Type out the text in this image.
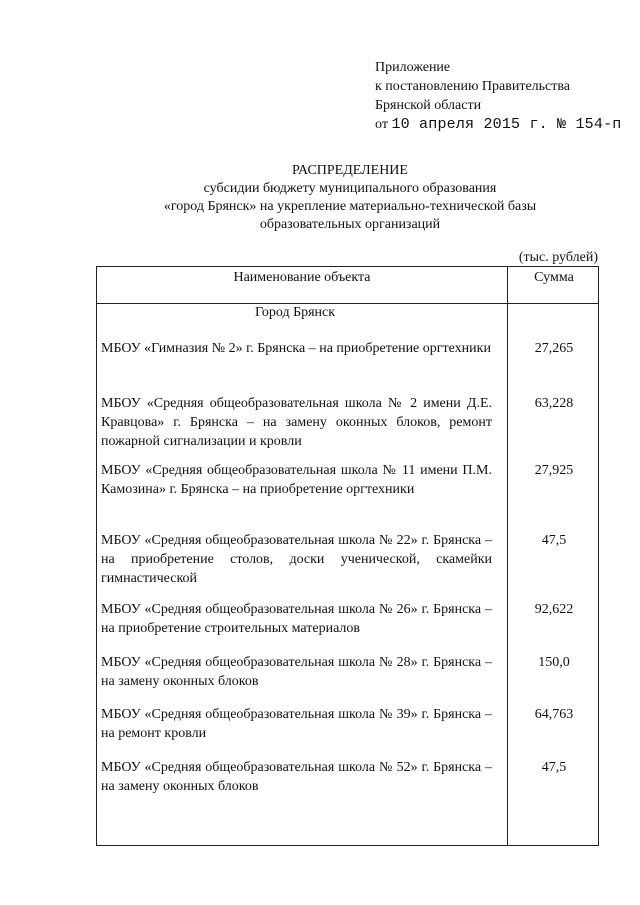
Приложение
к постановлению Правительства
Брянской области
от 10 апреля 2015 г. № 154-п
РАСПРЕДЕЛЕНИЕ
субсидии бюджету муниципального образования
«город Брянск» на укрепление материально-технической базы
образовательных организаций
(тыс. рублей)
Наименование объекта	Сумма
Город Брянск
МБОУ «Гимназия № 2» г. Брянска – на приобретение оргтехники	27,265
МБОУ «Средняя общеобразовательная школа № 2 имени Д.Е. Кравцова» г. Брянска – на замену оконных блоков, ремонт пожарной сигнализации и кровли
63,228
МБОУ «Средняя общеобразовательная школа № 11 имени П.М. Камозина» г. Брянска – на приобретение оргтехники
27,925
МБОУ «Средняя общеобразовательная школа № 22» г. Брянска – на приобретение столов, доски ученической, скамейки гимнастической
47,5
МБОУ «Средняя общеобразовательная школа № 26» г. Брянска – на приобретение строительных материалов
92,622
МБОУ «Средняя общеобразовательная школа № 28» г. Брянска – на замену оконных блоков
150,0
МБОУ «Средняя общеобразовательная школа № 39» г. Брянска – на ремонт кровли
64,763
МБОУ «Средняя общеобразовательная школа № 52» г. Брянска – на замену оконных блоков
47,5
